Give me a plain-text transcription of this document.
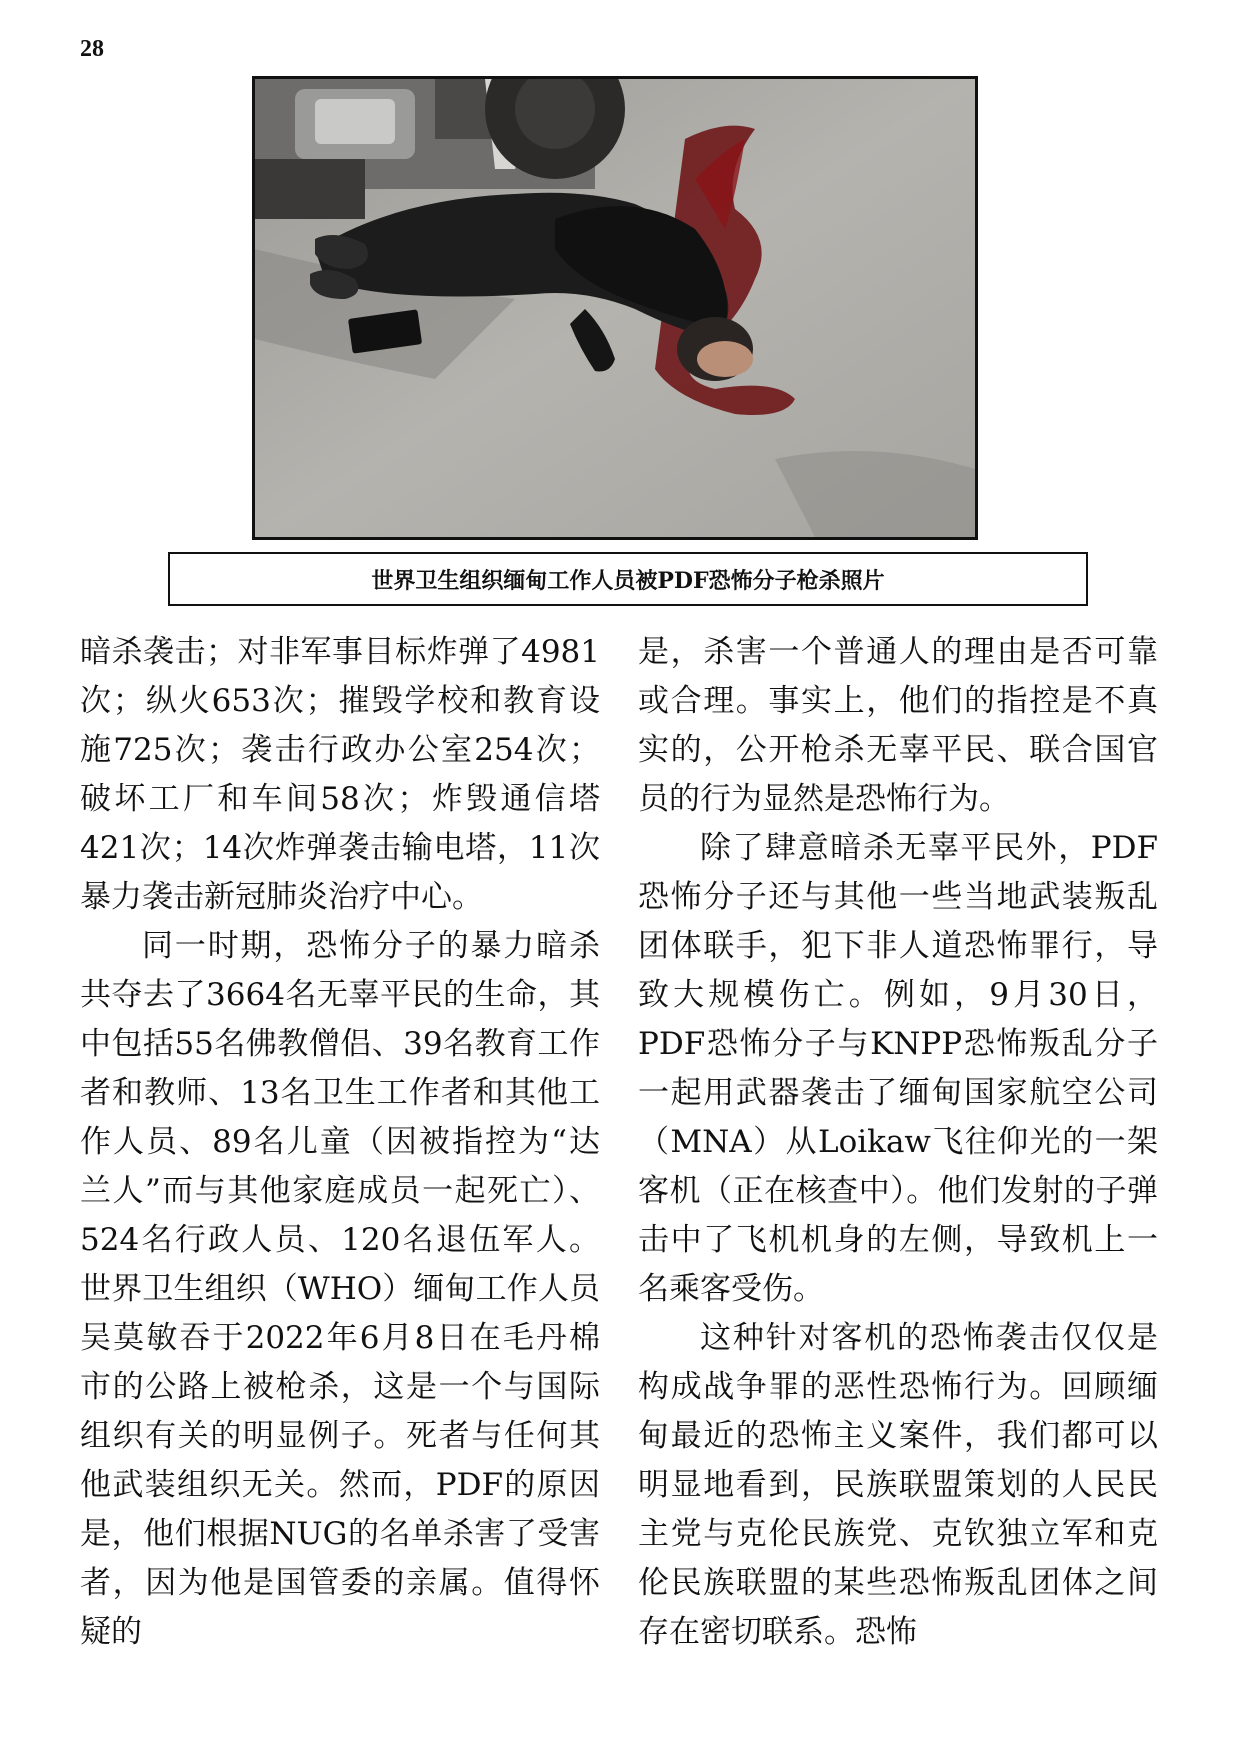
28
世界卫生组织缅甸工作人员被PDF恐怖分子枪杀照片

暗杀袭击；对非军事目标炸弹了4981次；纵火653次；摧毁学校和教育设施725次；袭击行政办公室254次；破坏工厂和车间58次；炸毁通信塔421次；14次炸弹袭击输电塔，11次暴力袭击新冠肺炎治疗中心。

同一时期，恐怖分子的暴力暗杀共夺去了3664名无辜平民的生命，其中包括55名佛教僧侣、39名教育工作者和教师、13名卫生工作者和其他工作人员、89名儿童（因被指控为“达兰人”而与其他家庭成员一起死亡）、524名行政人员、120名退伍军人。世界卫生组织（WHO）缅甸工作人员吴莫敏吞于2022年6月8日在毛丹棉市的公路上被枪杀，这是一个与国际组织有关的明显例子。死者与任何其他武装组织无关。然而，PDF的原因是，他们根据NUG的名单杀害了受害者，因为他是国管委的亲属。值得怀疑的

是，杀害一个普通人的理由是否可靠或合理。事实上，他们的指控是不真实的，公开枪杀无辜平民、联合国官员的行为显然是恐怖行为。

除了肆意暗杀无辜平民外，PDF恐怖分子还与其他一些当地武装叛乱团体联手，犯下非人道恐怖罪行，导致大规模伤亡。例如，9月30日，PDF恐怖分子与KNPP恐怖叛乱分子一起用武器袭击了缅甸国家航空公司（MNA）从Loikaw飞往仰光的一架客机（正在核查中）。他们发射的子弹击中了飞机机身的左侧，导致机上一名乘客受伤。

这种针对客机的恐怖袭击仅仅是构成战争罪的恶性恐怖行为。回顾缅甸最近的恐怖主义案件，我们都可以明显地看到，民族联盟策划的人民民主党与克伦民族党、克钦独立军和克伦民族联盟的某些恐怖叛乱团体之间存在密切联系。恐怖
